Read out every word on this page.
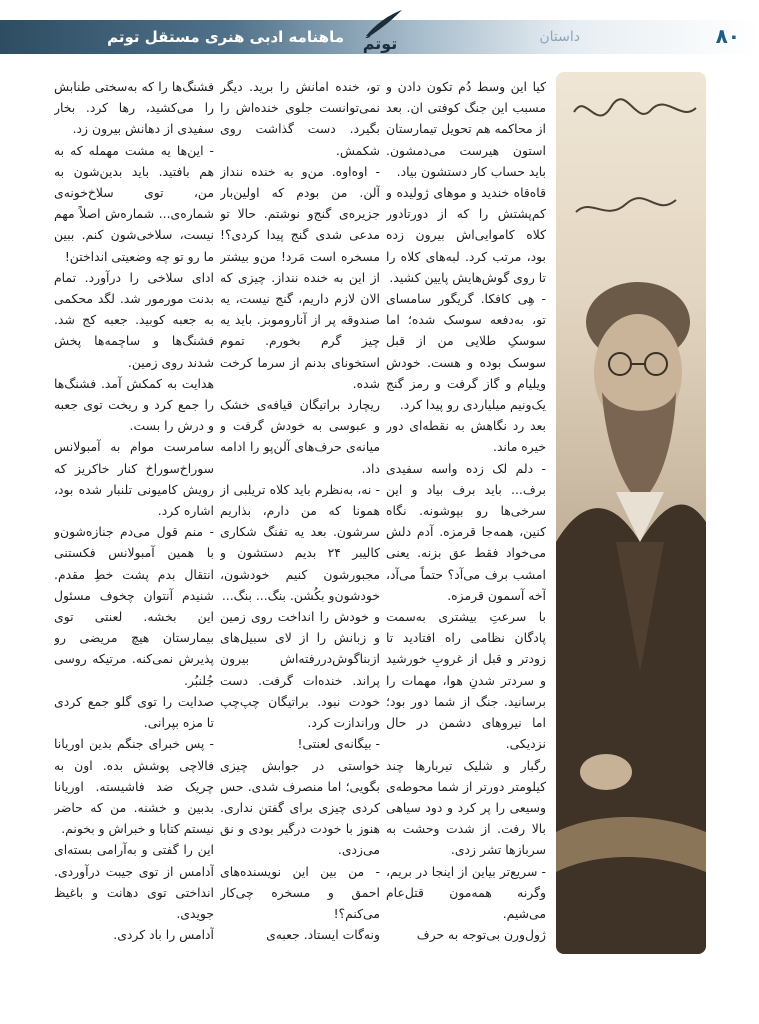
ماهنامه ادبی هنری مستقل توتم	توتم	داستان	۸۰

کیا این وسط دُم تکون دادن و مسبب این جنگ کوفتی ان. بعد از محاکمه هم تحویل تیمارستان استون هیرست می‌دمشون. باید حساب کار دستشون بیاد.

قاه‌قاه خندید و موهای ژولیده و کم‌پشتش را که از دورتادور کلاه کاموایی‌اش بیرون زده بود، مرتب کرد. لبه‌های کلاه را تا روی گوش‌هایش پایین کشید.

- هِی کافکا. گریگور سامسای تو، به‌دفعه سوسک شده؛ اما سوسکِ طلایی من از قبل سوسک بوده و هست. خودش ویلیام و گاز گرفت و رمز گنج یک‌ونیم میلیاردی رو پیدا کرد.

بعد رد نگاهش به نقطه‌ای دور خیره ماند.

- دلم لک زده واسه سفیدی برف... باید برف بیاد و این سرخی‌ها رو بپوشونه. نگاه کنین، همه‌جا قرمزه. آدم دلش می‌خواد فقط عق بزنه. یعنی امشب برف می‌آد؟ حتماً می‌آد، آخه آسمون قرمزه.

با سرعتِ بیشتری به‌سمت پادگان نظامی راه افتادید تا زودتر و قبل از غروبِ خورشید و سردتر شدنِ هوا، مهمات را برسانید. جنگ از شما دور بود؛ اما نیروهای دشمن در حال نزدیکی.

رگبار و شلیک تیربارها چند کیلومتر دورتر از شما محوطه‌ی وسیعی را پر کرد و دود سیاهی بالا رفت. از شدت وحشت به سربازها تشر زدی.

- سریع‌تر بیاین از اینجا در بریم، وگرنه همه‌مون قتل‌عام می‌شیم.

ژول‌ورن بی‌توجه به حرف

تو، خنده امانش را برید. دیگر نمی‌توانست جلوی خنده‌اش را بگیرد. دست گذاشت روی شکمش.

- اوه‌اوه. من‌و به خنده ننداز آلن. من بودم که اولین‌بار جزیره‌ی گنج‌و نوشتم. حالا تو مدعی شدی گنج پیدا کردی؟! مسخره است مَرد! من‌و بیشتر از این به خنده ننداز. چیزی که الان لازم داریم، گنج نیست، یه صندوقه پر از آناروموبز. باید یه چیز گرم بخورم. تموم استخونای بدنم از سرما کرخت شده.

ریچارد براتیگان قیافه‌ی خشک و عبوسی به خودش گرفت و میانه‌ی حرف‌های آلن‌پو را ادامه داد.

- نه، به‌نظرم باید کلاه تریلبی از همونا که من دارم، بذاریم سرشون. بعد یه تفنگ شکاری کالیبر ۲۴ بدیم دستشون و مجبورشون کنیم خودشون، خودشون‌و بکُشن. بنگ... بنگ...

و خودش را انداخت روی زمین و زبانش را از لای سبیل‌های ازبناگوش‌دررفته‌اش بیرون پراند. خنده‌ات گرفت. دست خودت نبود. براتیگان چپ‌چپ وراندازت کرد.

- بیگانه‌ی لعنتی!

خواستی در جوابش چیزی بگویی؛ اما منصرف شدی. حس کردی چیزی برای گفتن نداری. هنوز با خودت درگیر بودی و نق می‌زدی.

- من بین این نویسنده‌های احمق و مسخره چی‌کار می‌کنم؟!

ونه‌گات ایستاد. جعبه‌ی

فشنگ‌ها را که به‌سختی طنابش را می‌کشید، رها کرد. بخار سفیدی از دهانش بیرون زد.

- این‌ها یه مشت مهمله که به هم بافتید. باید بدین‌شون به من، توی سلاخ‌خونه‌ی شماره‌ی... شماره‌ش اصلاً مهم نیست، سلاخی‌شون کنم. ببین ما رو تو چه وضعیتی انداختن!

ادای سلاخی را درآورد. تمام بدنت مورمور شد. لگد محکمی به جعبه کوبید. جعبه کج شد. فشنگ‌ها و ساچمه‌ها پخش شدند روی زمین.

هدایت به کمکش آمد. فشنگ‌ها را جمع کرد و ریخت توی جعبه و درش را بست.

سامرست موام به آمبولانس سوراخ‌سوراخ کنار خاکریز که رویش کامیونی تلنبار شده بود، اشاره کرد.

- منم قول می‌دم جنازه‌شون‌و با همین آمبولانس فکستنی انتقال بدم پشت خطِ مقدم. شنیدم آنتوان چخوف مسئول این بخشه. لعنتی توی بیمارستان هیچ مریضی رو پذیرش نمی‌کنه. مرتیکه روسی جُلنبُر.

صدایت را توی گلو جمع کردی تا مزه بپرانی.

- پس خبرای جنگم بدین اوریانا فالاچی پوشش بده. اون به چریک ضد فاشیسته. اوریانا بدبین و خشنه. من که حاضر نیستم کتابا و خبراش و بخونم.

این را گفتی و به‌آرامی بسته‌ای آدامس از توی جیبت درآوردی. انداختی توی دهانت و باغیظ جویدی.

آدامس را باد کردی.
